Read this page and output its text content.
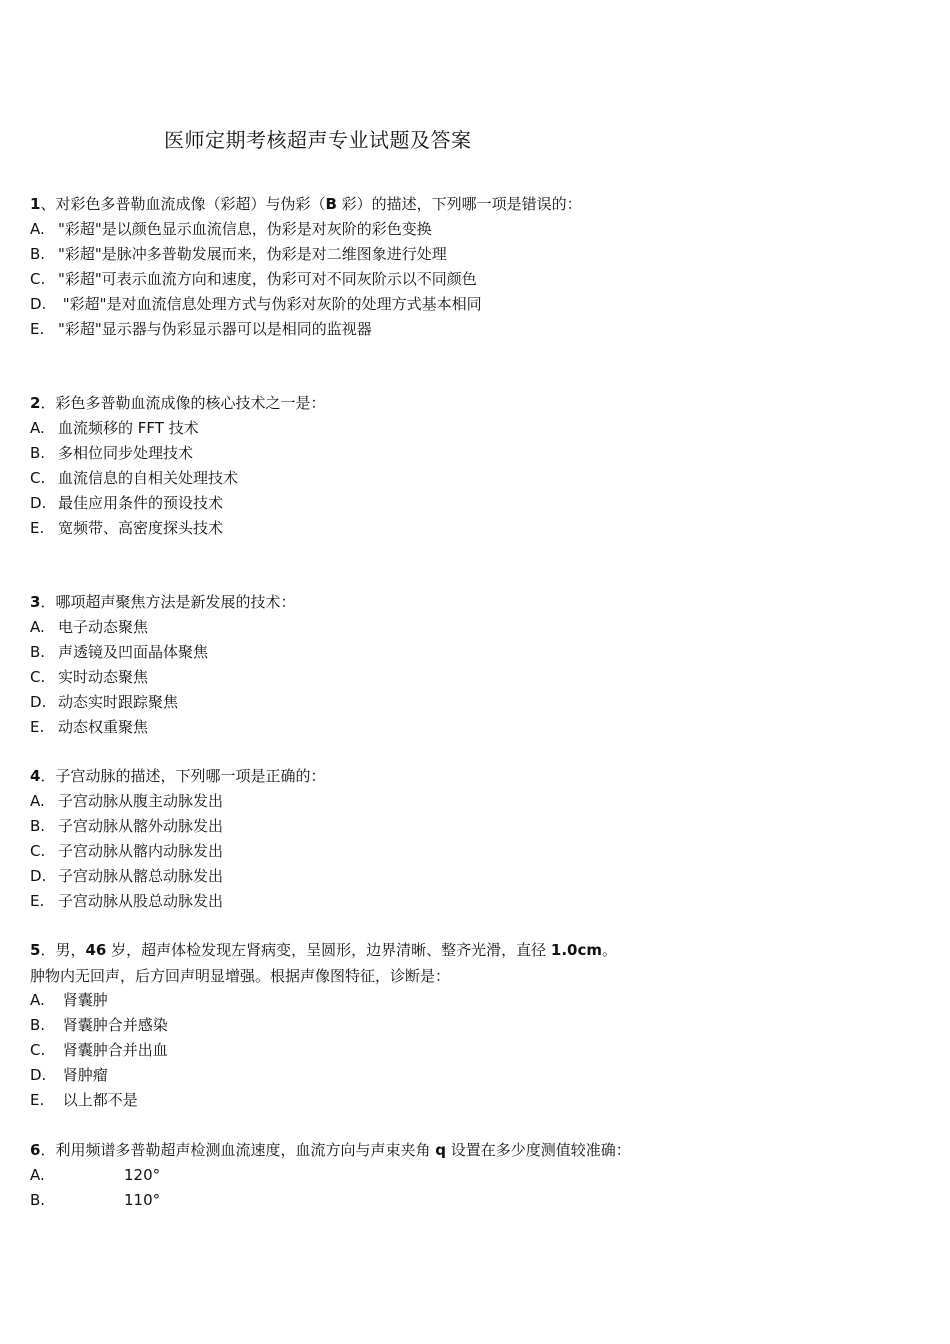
医师定期考核超声专业试题及答案
1、对彩色多普勒血流成像（彩超）与伪彩（B 彩）的描述，下列哪一项是错误的：
A. "彩超"是以颜色显示血流信息，伪彩是对灰阶的彩色变换
B. "彩超"是脉冲多普勒发展而来，伪彩是对二维图象进行处理
C. "彩超"可表示血流方向和速度，伪彩可对不同灰阶示以不同颜色
D. "彩超"是对血流信息处理方式与伪彩对灰阶的处理方式基本相同
E. "彩超"显示器与伪彩显示器可以是相同的监视器
2．彩色多普勒血流成像的核心技术之一是：
A. 血流频移的 FFT 技术
B. 多相位同步处理技术
C. 血流信息的自相关处理技术
D. 最佳应用条件的预设技术
E. 宽频带、高密度探头技术
3．哪项超声聚焦方法是新发展的技术：
A. 电子动态聚焦
B. 声透镜及凹面晶体聚焦
C. 实时动态聚焦
D. 动态实时跟踪聚焦
E. 动态权重聚焦
4．子宫动脉的描述，下列哪一项是正确的：
A. 子宫动脉从腹主动脉发出
B. 子宫动脉从髂外动脉发出
C. 子宫动脉从髂内动脉发出
D. 子宫动脉从髂总动脉发出
E. 子宫动脉从股总动脉发出
5．男，46 岁，超声体检发现左肾病变，呈圆形，边界清晰、整齐光滑，直径 1.0cm。
肿物内无回声，后方回声明显增强。根据声像图特征，诊断是：
A. 肾囊肿
B. 肾囊肿合并感染
C. 肾囊肿合并出血
D. 肾肿瘤
E. 以上都不是
6．利用频谱多普勒超声检测血流速度，血流方向与声束夹角 q 设置在多少度测值较准确：
A.	120°
B.	110°
